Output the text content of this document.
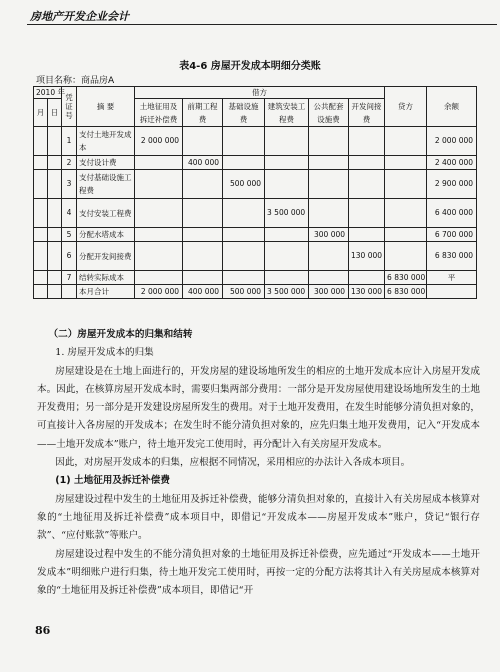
房地产开发企业会计
表4-6 房屋开发成本明细分类账
项目名称：商品房A
2010 年		凭证号	摘 要	借方						贷方	余额
月	日			土地征用及拆迁补偿费	前期工程费	基础设施费	建筑安装工程费	公共配套设施费	开发间接费		

		1	支付土地开发成本	2 000 000							2 000 000
		2	支付设计费		400 000						2 400 000
		3	支付基础设施工程费			500 000					2 900 000
		4	支付安装工程费				3 500 000				6 400 000
		5	分配水塔成本					300 000			6 700 000
		6	分配开发间接费						130 000		6 830 000
		7	结转实际成本							6 830 000	平
			本月合计	2 000 000	400 000	500 000	3 500 000	300 000	130 000	6 830 000	

（二）房屋开发成本的归集和结转

1. 房屋开发成本的归集

房屋建设是在土地上面进行的，开发房屋的建设场地所发生的相应的土地开发成本应计入房屋开发成本。因此，在核算房屋开发成本时，需要归集两部分费用：一部分是开发房屋使用建设场地所发生的土地开发费用；另一部分是开发建设房屋所发生的费用。对于土地开发费用，在发生时能够分清负担对象的，可直接计入各房屋的开发成本；在发生时不能分清负担对象的，应先归集土地开发费用，记入“开发成本——土地开发成本”账户，待土地开发完工使用时，再分配计入有关房屋开发成本。

因此，对房屋开发成本的归集，应根据不同情况，采用相应的办法计入各成本项目。

(1) 土地征用及拆迁补偿费

房屋建设过程中发生的土地征用及拆迁补偿费，能够分清负担对象的，直接计入有关房屋成本核算对象的“土地征用及拆迁补偿费”成本项目中，即借记“开发成本——房屋开发成本”账户，贷记“银行存款”、“应付账款”等账户。

房屋建设过程中发生的不能分清负担对象的土地征用及拆迁补偿费，应先通过“开发成本——土地开发成本”明细账户进行归集，待土地开发完工使用时，再按一定的分配方法将其计入有关房屋成本核算对象的“土地征用及拆迁补偿费”成本项目，即借记“开

86
